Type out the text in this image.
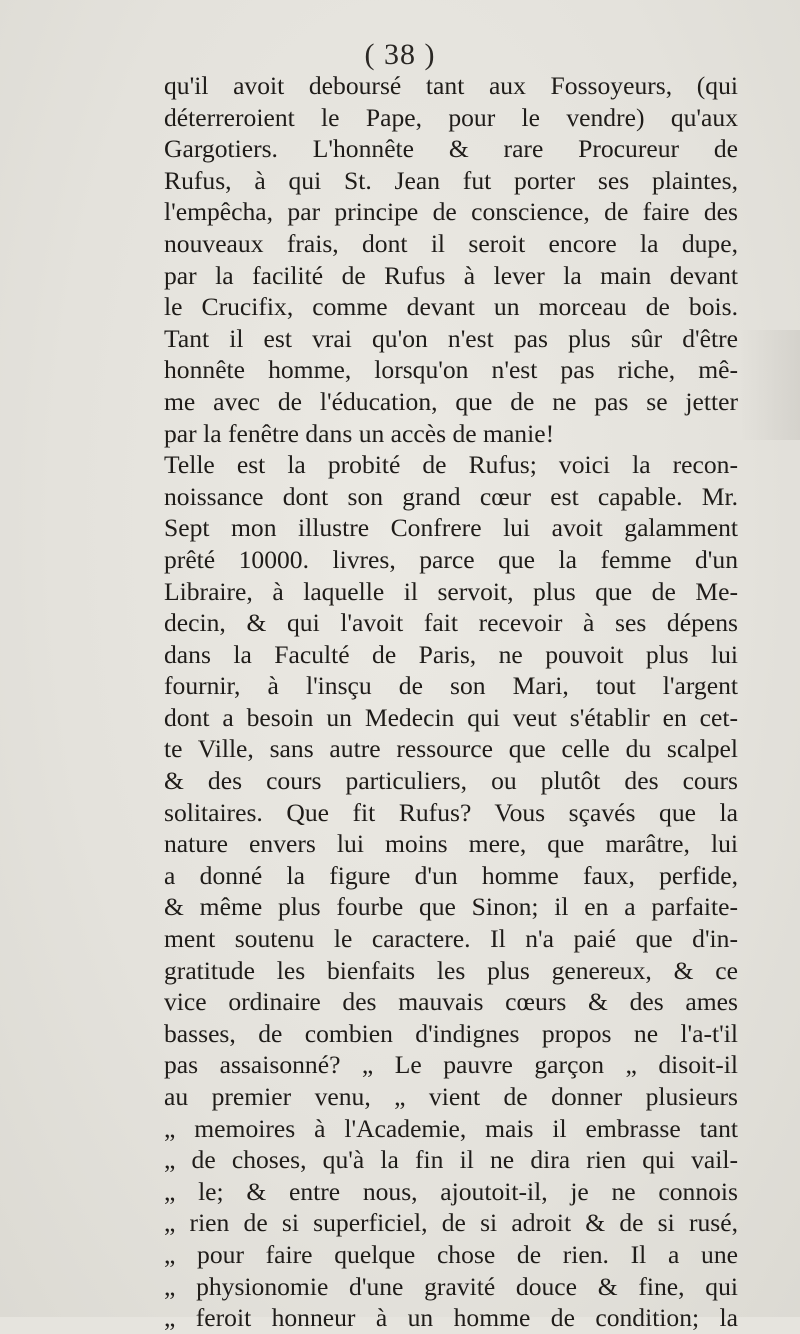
( 38 )
qu'il avoit deboursé tant aux Fossoyeurs, (qui
déterreroient le Pape, pour le vendre) qu'aux
Gargotiers. L'honnête & rare Procureur de
Rufus, à qui St. Jean fut porter ses plaintes,
l'empêcha, par principe de conscience, de faire des
nouveaux frais, dont il seroit encore la dupe,
par la facilité de Rufus à lever la main devant
le Crucifix, comme devant un morceau de bois.
Tant il est vrai qu'on n'est pas plus sûr d'être
honnête homme, lorsqu'on n'est pas riche, mê-
me avec de l'éducation, que de ne pas se jetter
par la fenêtre dans un accès de manie!
Telle est la probité de Rufus; voici la recon-
noissance dont son grand cœur est capable. Mr.
Sept mon illustre Confrere lui avoit galamment
prêté 10000. livres, parce que la femme d'un
Libraire, à laquelle il servoit, plus que de Me-
decin, & qui l'avoit fait recevoir à ses dépens
dans la Faculté de Paris, ne pouvoit plus lui
fournir, à l'insçu de son Mari, tout l'argent
dont a besoin un Medecin qui veut s'établir en cet-
te Ville, sans autre ressource que celle du scalpel
& des cours particuliers, ou plutôt des cours
solitaires. Que fit Rufus? Vous sçavés que la
nature envers lui moins mere, que marâtre, lui
a donné la figure d'un homme faux, perfide,
& même plus fourbe que Sinon; il en a parfaite-
ment soutenu le caractere. Il n'a paié que d'in-
gratitude les bienfaits les plus genereux, & ce
vice ordinaire des mauvais cœurs & des ames
basses, de combien d'indignes propos ne l'a-t'il
pas assaisonné? „ Le pauvre garçon „ disoit-il
au premier venu, „ vient de donner plusieurs
„ memoires à l'Academie, mais il embrasse tant
„ de choses, qu'à la fin il ne dira rien qui vail-
„ le; & entre nous, ajoutoit-il, je ne connois
„ rien de si superficiel, de si adroit & de si rusé,
„ pour faire quelque chose de rien. Il a une
„ physionomie d'une gravité douce & fine, qui
„ feroit honneur à un homme de condition; la
